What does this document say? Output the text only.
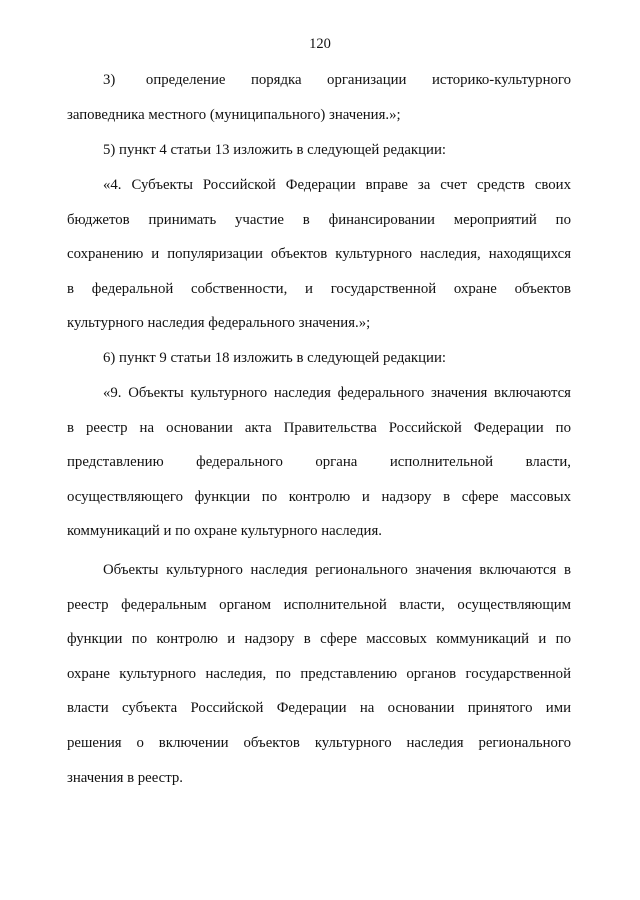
120
3)      определение     порядка     организации     историко-культурного
заповедника местного (муниципального) значения.»;
5) пункт 4 статьи 13 изложить в следующей редакции:
«4. Субъекты Российской Федерации вправе за счет средств своих
бюджетов принимать участие в финансировании мероприятий по
сохранению и популяризации объектов культурного наследия, находящихся
в федеральной собственности, и государственной охране объектов
культурного наследия федерального значения.»;
6) пункт 9 статьи 18 изложить в следующей редакции:
«9. Объекты культурного наследия федерального значения включаются
в реестр на основании акта Правительства Российской Федерации по
представлению федерального органа исполнительной власти,
осуществляющего функции по контролю и надзору в сфере массовых
коммуникаций и по охране культурного наследия.
Объекты культурного наследия регионального значения включаются в
реестр федеральным органом исполнительной власти, осуществляющим
функции по контролю и надзору в сфере массовых коммуникаций и по
охране культурного наследия, по представлению органов государственной
власти субъекта Российской Федерации на основании принятого ими
решения о включении объектов культурного наследия регионального
значения в реестр.
